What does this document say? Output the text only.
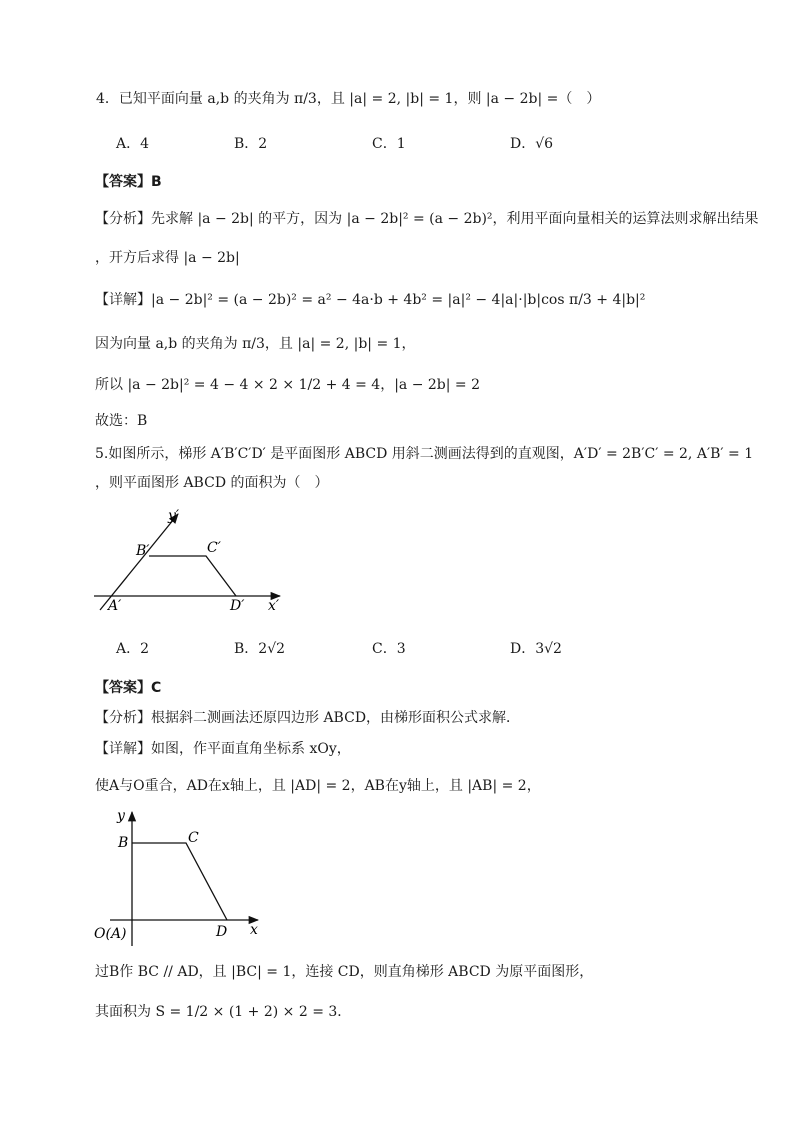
4．已知平面向量 a,b 的夹角为 π/3，且 |a| = 2, |b| = 1，则 |a − 2b| =（　）
A．4	B．2	C．1	D．√6
【答案】B
【分析】先求解 |a − 2b| 的平方，因为 |a − 2b|² = (a − 2b)²，利用平面向量相关的运算法则求解出结果
，开方后求得 |a − 2b|
【详解】|a − 2b|² = (a − 2b)² = a² − 4a·b + 4b² = |a|² − 4|a|·|b|cos π/3 + 4|b|²
因为向量 a,b 的夹角为 π/3，且 |a| = 2, |b| = 1，
所以 |a − 2b|² = 4 − 4 × 2 × 1/2 + 4 = 4，|a − 2b| = 2
故选：B
5.如图所示，梯形 A′B′C′D′ 是平面图形 ABCD 用斜二测画法得到的直观图，A′D′ = 2B′C′ = 2, A′B′ = 1
，则平面图形 ABCD 的面积为（　）
y′
x′
A′
B′	C′
D′
A．2	B．2√2	C．3	D．3√2
【答案】C
【分析】根据斜二测画法还原四边形 ABCD，由梯形面积公式求解．
【详解】如图，作平面直角坐标系 xOy，
使A与O重合，AD在x轴上，且 |AD| = 2，AB在y轴上，且 |AB| = 2，
y
x
O(A)
B	C
D
过B作 BC // AD，且 |BC| = 1，连接 CD，则直角梯形 ABCD 为原平面图形，
其面积为 S = 1/2 × (1 + 2) × 2 = 3．
